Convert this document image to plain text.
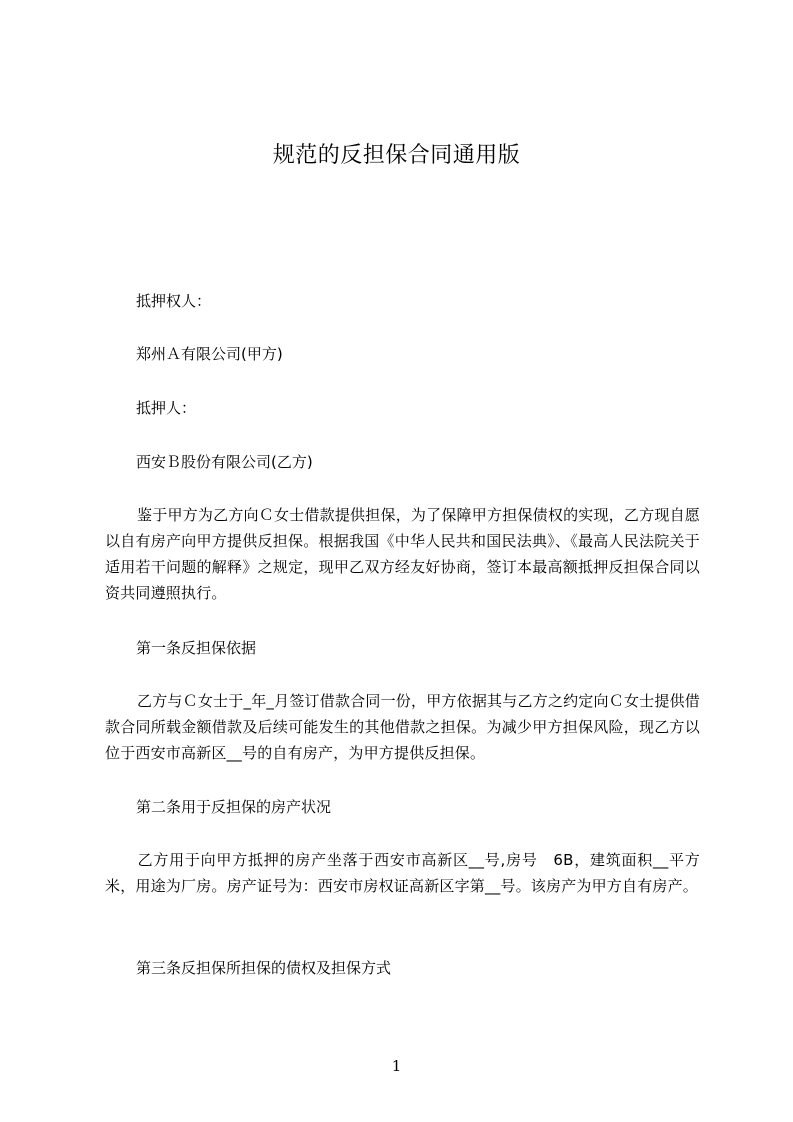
规范的反担保合同通用版
抵押权人：
郑州Ａ有限公司(甲方)
抵押人：
西安Ｂ股份有限公司(乙方)
鉴于甲方为乙方向Ｃ女士借款提供担保，为了保障甲方担保债权的实现，乙方现自愿以自有房产向甲方提供反担保。根据我国《中华人民共和国民法典》、《最高人民法院关于适用若干问题的解释》之规定，现甲乙双方经友好协商，签订本最高额抵押反担保合同以资共同遵照执行。
第一条反担保依据
乙方与Ｃ女士于_年_月签订借款合同一份，甲方依据其与乙方之约定向Ｃ女士提供借款合同所载金额借款及后续可能发生的其他借款之担保。为减少甲方担保风险，现乙方以位于西安市高新区__号的自有房产，为甲方提供反担保。
第二条用于反担保的房产状况
乙方用于向甲方抵押的房产坐落于西安市高新区__号,房号　6B，建筑面积__平方米，用途为厂房。房产证号为：西安市房权证高新区字第__号。该房产为甲方自有房产。
第三条反担保所担保的债权及担保方式
1
